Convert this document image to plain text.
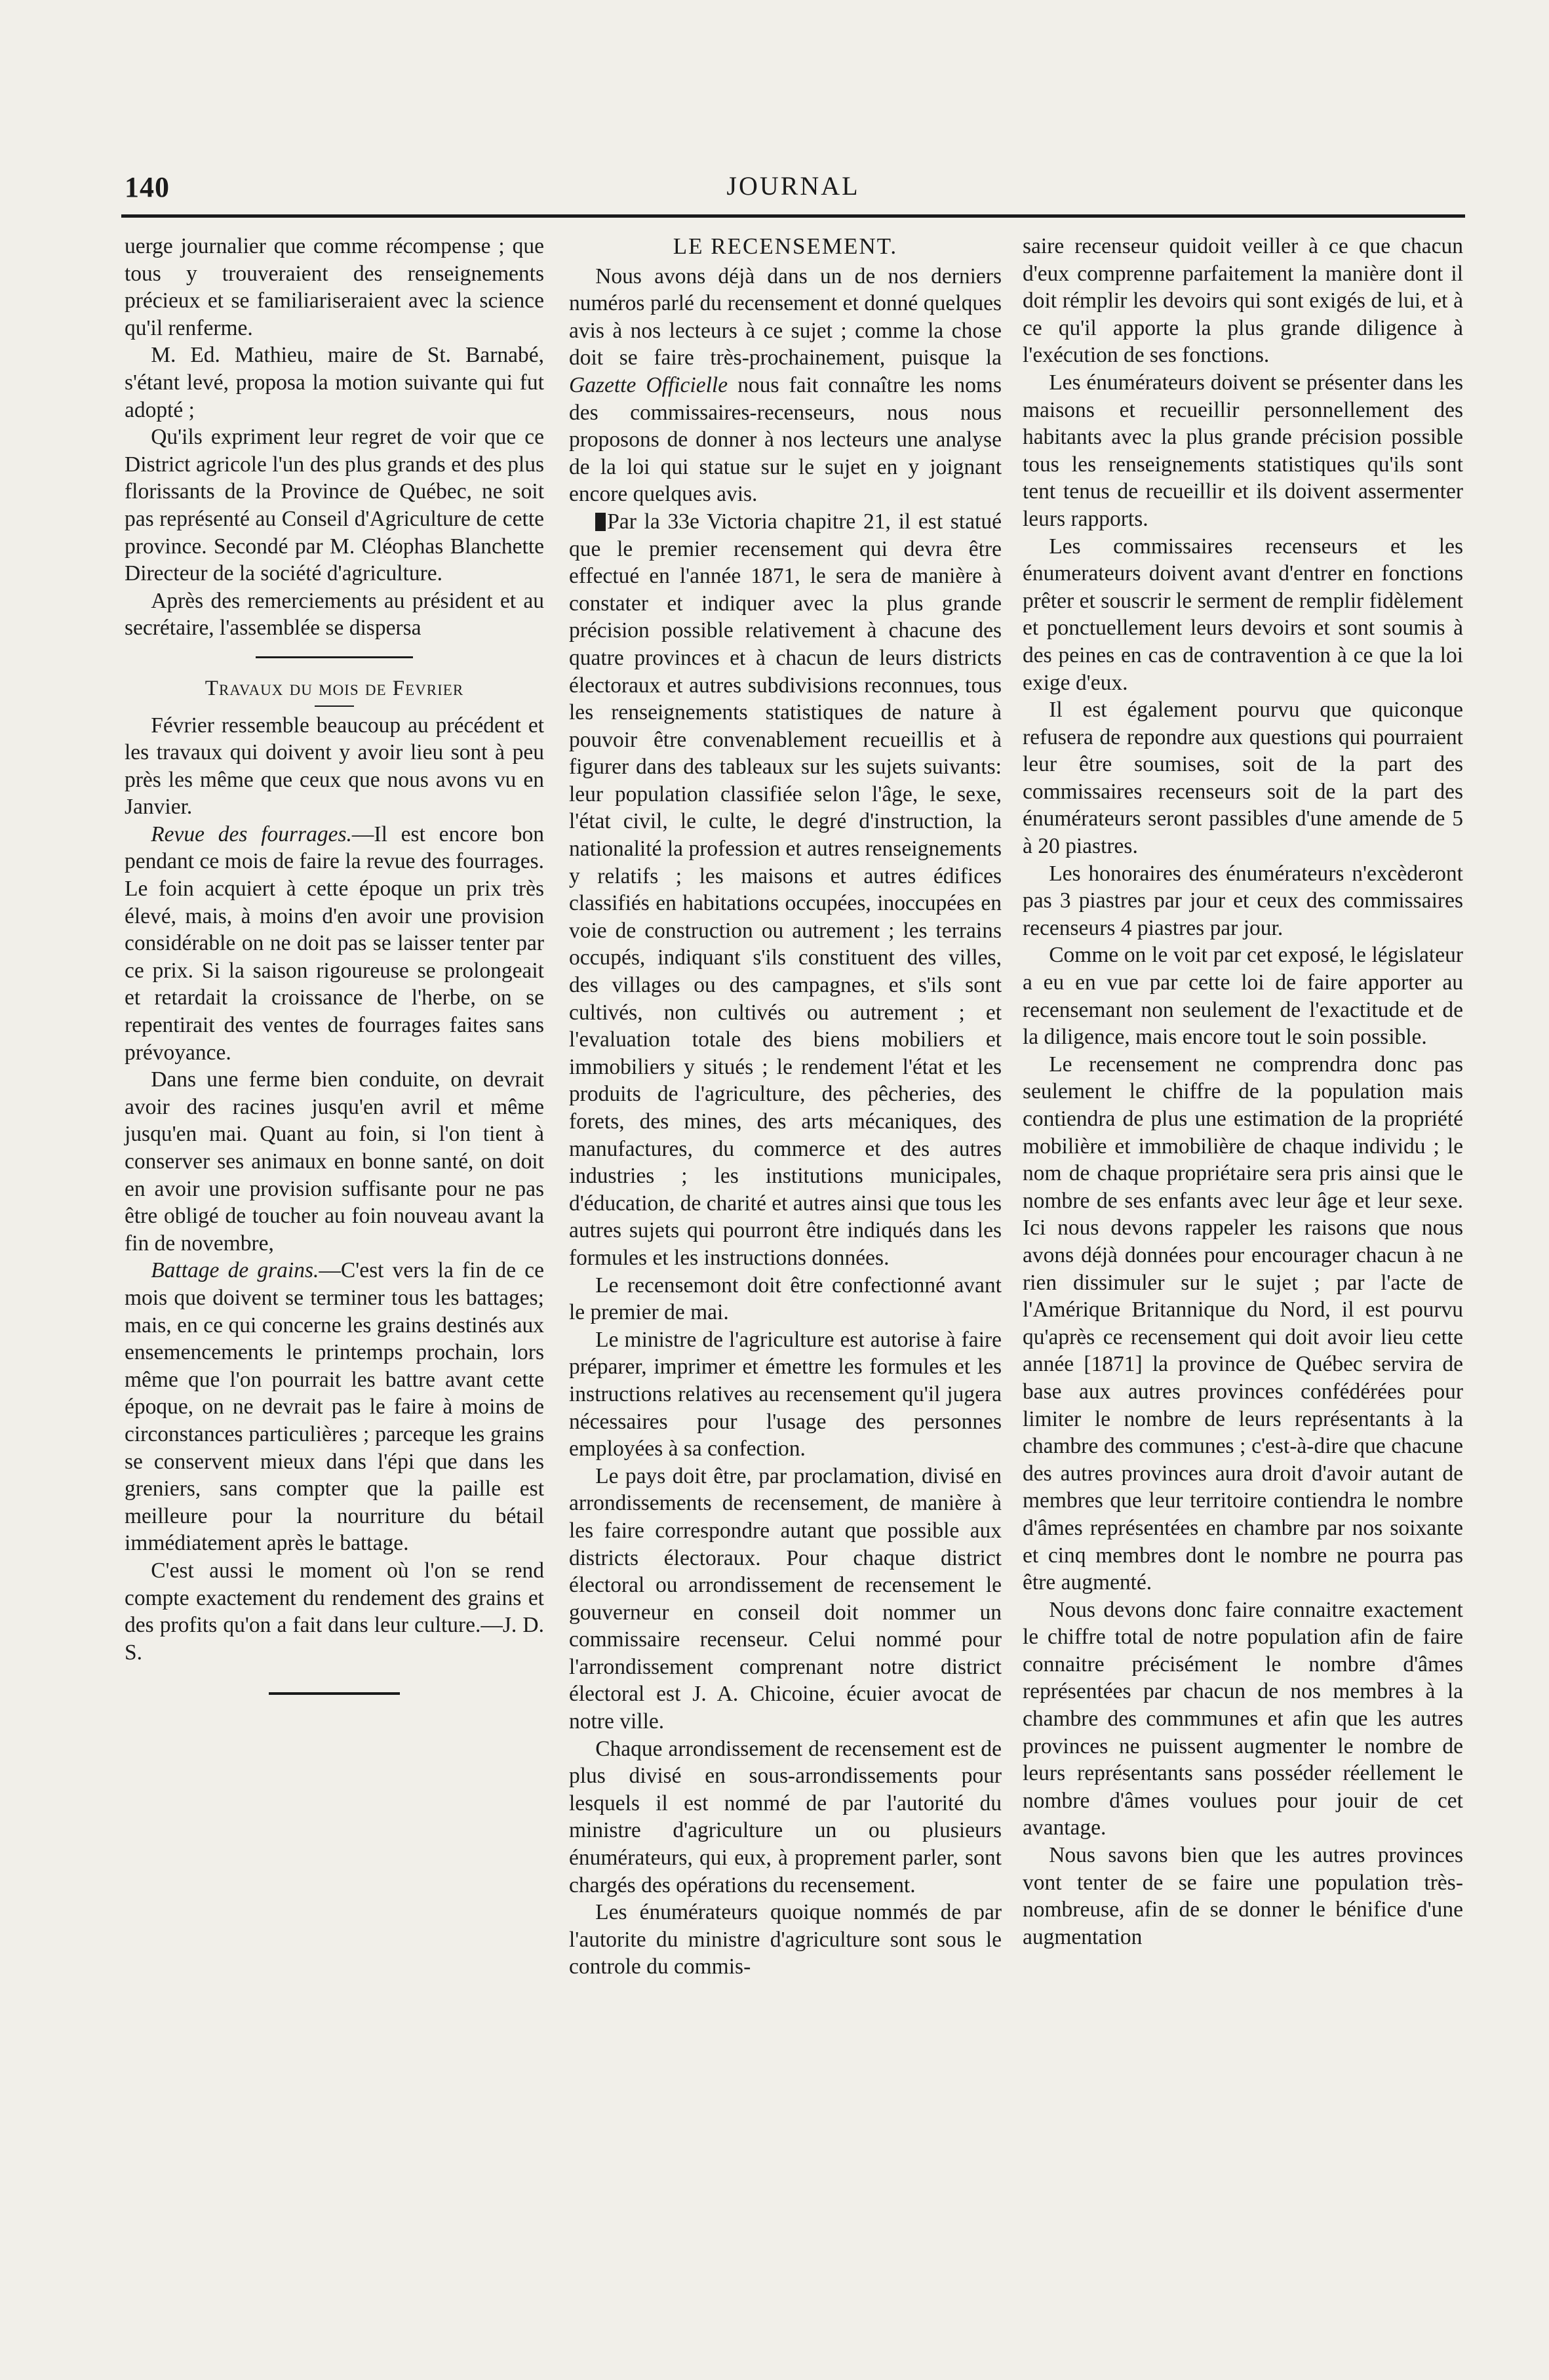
140	JOURNAL

uerge journalier que comme récompense ; que tous y trouveraient des renseignements précieux et se familiariseraient avec la science qu'il renferme.

M. Ed. Mathieu, maire de St. Barnabé, s'étant levé, proposa la motion suivante qui fut adopté ;

Qu'ils expriment leur regret de voir que ce District agricole l'un des plus grands et des plus florissants de la Province de Québec, ne soit pas représenté au Conseil d'Agriculture de cette province. Secondé par M. Cléophas Blanchette Directeur de la société d'agriculture.

Après des remerciements au président et au secrétaire, l'assemblée se dispersa

Travaux du mois de Fevrier

Février ressemble beaucoup au précédent et les travaux qui doivent y avoir lieu sont à peu près les même que ceux que nous avons vu en Janvier.

Revue des fourrages.—Il est encore bon pendant ce mois de faire la revue des fourrages. Le foin acquiert à cette époque un prix très élevé, mais, à moins d'en avoir une provision considérable on ne doit pas se laisser tenter par ce prix. Si la saison rigoureuse se prolongeait et retardait la croissance de l'herbe, on se repentirait des ventes de fourrages faites sans prévoyance.

Dans une ferme bien conduite, on devrait avoir des racines jusqu'en avril et même jusqu'en mai. Quant au foin, si l'on tient à conserver ses animaux en bonne santé, on doit en avoir une provision suffisante pour ne pas être obligé de toucher au foin nouveau avant la fin de novembre,

Battage de grains.—C'est vers la fin de ce mois que doivent se terminer tous les battages; mais, en ce qui concerne les grains destinés aux ensemencements le printemps prochain, lors même que l'on pourrait les battre avant cette époque, on ne devrait pas le faire à moins de circonstances particulières ; parceque les grains se conservent mieux dans l'épi que dans les greniers, sans compter que la paille est meilleure pour la nourriture du bétail immédiatement après le battage.

C'est aussi le moment où l'on se rend compte exactement du rendement des grains et des profits qu'on a fait dans leur culture.—J. D. S.

LE RECENSEMENT.

Nous avons déjà dans un de nos derniers numéros parlé du recensement et donné quelques avis à nos lecteurs à ce sujet ; comme la chose doit se faire très-prochainement, puisque la Gazette Officielle nous fait connaître les noms des commissaires-recenseurs, nous nous proposons de donner à nos lecteurs une analyse de la loi qui statue sur le sujet en y joignant encore quelques avis.

Par la 33e Victoria chapitre 21, il est statué que le premier recensement qui devra être effectué en l'année 1871, le sera de manière à constater et indiquer avec la plus grande précision possible relativement à chacune des quatre provinces et à chacun de leurs districts électoraux et autres subdivisions reconnues, tous les renseignements statistiques de nature à pouvoir être convenablement recueillis et à figurer dans des tableaux sur les sujets suivants: leur population classifiée selon l'âge, le sexe, l'état civil, le culte, le degré d'instruction, la nationalité la profession et autres renseignements y relatifs ; les maisons et autres édifices classifiés en habitations occupées, inoccupées en voie de construction ou autrement ; les terrains occupés, indiquant s'ils constituent des villes, des villages ou des campagnes, et s'ils sont cultivés, non cultivés ou autrement ; et l'evaluation totale des biens mobiliers et immobiliers y situés ; le rendement l'état et les produits de l'agriculture, des pêcheries, des forets, des mines, des arts mécaniques, des manufactures, du commerce et des autres industries ; les institutions municipales, d'éducation, de charité et autres ainsi que tous les autres sujets qui pourront être indiqués dans les formules et les instructions données.

Le recensemont doit être confectionné avant le premier de mai.

Le ministre de l'agriculture est autorise à faire préparer, imprimer et émettre les formules et les instructions relatives au recensement qu'il jugera nécessaires pour l'usage des personnes employées à sa confection.

Le pays doit être, par proclamation, divisé en arrondissements de recensement, de manière à les faire correspondre autant que possible aux districts électoraux. Pour chaque district électoral ou arrondissement de recensement le gouverneur en conseil doit nommer un commissaire recenseur. Celui nommé pour l'arrondissement comprenant notre district électoral est J. A. Chicoine, écuier avocat de notre ville.

Chaque arrondissement de recensement est de plus divisé en sous-arrondissements pour lesquels il est nommé de par l'autorité du ministre d'agriculture un ou plusieurs énumérateurs, qui eux, à proprement parler, sont chargés des opérations du recensement.

Les énumérateurs quoique nommés de par l'autorite du ministre d'agriculture sont sous le controle du commis-

saire recenseur quidoit veiller à ce que chacun d'eux comprenne parfaitement la manière dont il doit rémplir les devoirs qui sont exigés de lui, et à ce qu'il apporte la plus grande diligence à l'exécution de ses fonctions.

Les énumérateurs doivent se présenter dans les maisons et recueillir personnellement des habitants avec la plus grande précision possible tous les renseignements statistiques qu'ils sont tent tenus de recueillir et ils doivent assermenter leurs rapports.

Les commissaires recenseurs et les énumerateurs doivent avant d'entrer en fonctions prêter et souscrir le serment de remplir fidèlement et ponctuellement leurs devoirs et sont soumis à des peines en cas de contravention à ce que la loi exige d'eux.

Il est également pourvu que quiconque refusera de repondre aux questions qui pourraient leur être soumises, soit de la part des commissaires recenseurs soit de la part des énumérateurs seront passibles d'une amende de 5 à 20 piastres.

Les honoraires des énumérateurs n'excèderont pas 3 piastres par jour et ceux des commissaires recenseurs 4 piastres par jour.

Comme on le voit par cet exposé, le législateur a eu en vue par cette loi de faire apporter au recensemant non seulement de l'exactitude et de la diligence, mais encore tout le soin possible.

Le recensement ne comprendra donc pas seulement le chiffre de la population mais contiendra de plus une estimation de la propriété mobilière et immobilière de chaque individu ; le nom de chaque propriétaire sera pris ainsi que le nombre de ses enfants avec leur âge et leur sexe. Ici nous devons rappeler les raisons que nous avons déjà données pour encourager chacun à ne rien dissimuler sur le sujet ; par l'acte de l'Amérique Britannique du Nord, il est pourvu qu'après ce recensement qui doit avoir lieu cette année [1871] la province de Québec servira de base aux autres provinces confédérées pour limiter le nombre de leurs représentants à la chambre des communes ; c'est-à-dire que chacune des autres provinces aura droit d'avoir autant de membres que leur territoire contiendra le nombre d'âmes représentées en chambre par nos soixante et cinq membres dont le nombre ne pourra pas être augmenté.

Nous devons donc faire connaitre exactement le chiffre total de notre population afin de faire connaitre précisément le nombre d'âmes représentées par chacun de nos membres à la chambre des commmunes et afin que les autres provinces ne puissent augmenter le nombre de leurs représentants sans posséder réellement le nombre d'âmes voulues pour jouir de cet avantage.

Nous savons bien que les autres provinces vont tenter de se faire une population très-nombreuse, afin de se donner le bénifice d'une augmentation
